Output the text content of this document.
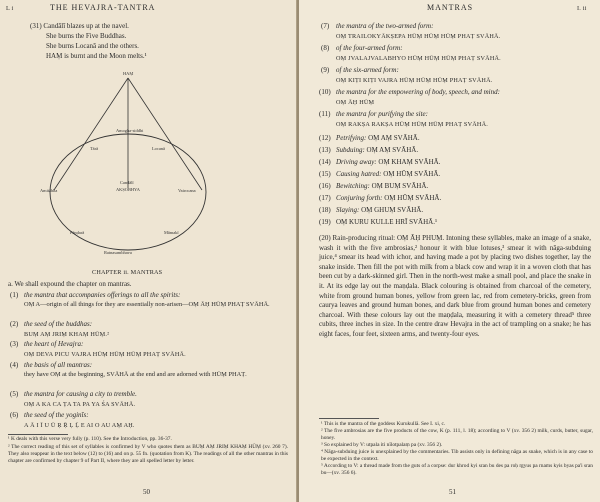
L i	THE HEVAJRA-TANTRA
(31) Candālī blazes up at the navel.
She burns the Five Buddhas.
She burns Locanā and the others.
HAṂ is burnt and the Moon melts.¹
HAṂ
Amogha-siddhi
Candālī
AKṢOBHYA
Tārā	Locanā
Amitābha	Vairocana
Pāṇḍarā	Māmakī
Ratnasambhava
CHAPTER ii. MANTRAS
a. We shall expound the chapter on mantras.
(1) the mantra that accompanies offerings to all the spirits:
OṂ A—origin of all things for they are essentially non-arisen—OṂ ĀḤ HŪṂ PHAṬ SVĀHĀ.
(2) the seed of the buddhas:
BUṂ AṂ JRIṂ KHAṂ HŪṂ.²
(3) the heart of Hevajra:
OṂ DEVA PICU VAJRA HŪṂ HŪṂ HŪṂ PHAṬ SVĀHĀ.
(4) the basis of all mantras:
they have OṂ at the beginning, SVĀHĀ at the end and are adorned with HŪṂ PHAṬ.
(5) the mantra for causing a city to tremble.
OṂ A KA CA ṬA TA PA YA ŚA SVĀHĀ.
(6) the seed of the yoginīs:
A Ā I Ī U Ū Ṛ Ṝ Ḷ Ḹ E AI O AU AṂ AḤ.
¹ K deals with this verse very fully (p. 110). See the Introduction, pp. 36-37.
² The correct reading of this set of syllables is confirmed by V who quotes them as BUṂ AṂ JRIṂ KHAṂ HŪṂ (xv. 260 7). They also reappear in the text below (12) to (16) and on p. 55 fn. (quotation from K). The readings of all the other mantras in this chapter are confirmed by chapter 9 of Part II, where they are all spelled letter by letter.
50
MANTRAS	I. ii
(7) the mantra of the two-armed form:
OṂ TRAILOKYĀKṢEPA HŪṂ HŪṂ HŪṂ PHAṬ SVĀHĀ.
(8) of the four-armed form:
OṂ JVALAJVALABHYO HŪṂ HŪṂ HŪṂ PHAṬ SVĀHĀ.
(9) of the six-armed form:
OṂ KIṬI KIṬI VAJRA HŪṂ HŪṂ HŪṂ PHAṬ SVĀHĀ.
(10) the mantra for the empowering of body, speech, and mind:
OṂ ĀḤ HŪṂ
(11) the mantra for purifying the site:
OṂ RAKṢA RAKṢA HŪṂ HŪṂ HŪṂ PHAṬ SVĀHĀ.
(12) Petrifying: OṂ AṂ SVĀHĀ.
(13) Subduing: OṂ AṂ SVĀHĀ.
(14) Driving away: OṂ KHAṂ SVĀHĀ.
(15) Causing hatred: OṂ HŪṂ SVĀHĀ.
(16) Bewitching: OṂ BUṂ SVĀHĀ.
(17) Conjuring forth: OṂ HŪṂ SVĀHĀ.
(18) Slaying: OṂ GHUṂ SVĀHĀ.
(19) OṂ KURU KULLE HRĪ SVĀHĀ.¹
(20) Rain-producing ritual: OṂ ĀḤ PHUṂ. Intoning these syllables, make an image of a snake, wash it with the five ambrosias,² honour it with blue lotuses,³ smear it with nāga-subduing juice,⁴ smear its head with ichor, and having made a pot by placing two dishes together, lay the snake inside. Then fill the pot with milk from a black cow and wrap it in a woven cloth that has been cut by a dark-skinned girl. Then in the north-west make a small pool, and place the snake in it. At its edge lay out the maṇḍala. Black colouring is obtained from charcoal of the cemetery, white from ground human bones, yellow from green lac, red from cemetery-bricks, green from caurya leaves and ground human bones, and dark blue from ground human bones and cemetery charcoal. With these colours lay out the maṇḍala, measuring it with a cemetery thread⁵ three cubits, three inches in size. In the centre draw Hevajra in the act of trampling on a snake; he has eight faces, four feet, sixteen arms, and twenty-four eyes.
¹ This is the mantra of the goddess Kurukullā. See I. xi, c.
² The five ambrosias are the five products of the cow, K (p. 111, l. 18); according to V (xv. 356 2) milk, curds, butter, sugar, honey.
³ So explained by V: utpala iti nīlotpalaṃ pa (xv. 356 2).
⁴ Nāga-subduing juice is unexplained by the commentaries. Tib assists only in defining nāga as snake, which is in any case to be expected in the context.
⁵ According to V: a thread made from the guts of a corpse: dur khrod kyi sran bu des pa roḥ rgyus pa rnams kyis byas pa'i sran bu—(xv. 356 6).
51
